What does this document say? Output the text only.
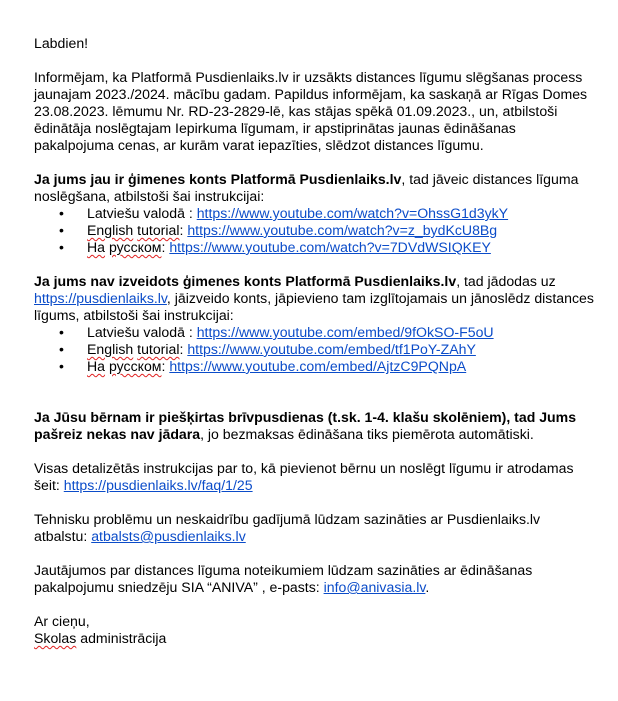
Labdien!

Informējam, ka Platformā Pusdienlaiks.lv ir uzsākts distances līgumu slēgšanas process jaunajam 2023./2024. mācību gadam. Papildus informējam, ka saskaņā ar Rīgas Domes 23.08.2023. lēmumu Nr. RD-23-2829-lē, kas stājas spēkā 01.09.2023., un, atbilstoši ēdinātāja noslēgtajam Iepirkuma līgumam, ir apstiprinātas jaunas ēdināšanas pakalpojuma cenas, ar kurām varat iepazīties, slēdzot distances līgumu.

Ja jums jau ir ģimenes konts Platformā Pusdienlaiks.lv, tad jāveic distances līguma noslēgšana, atbilstoši šai instrukcijai:

• Latviešu valodā : https://www.youtube.com/watch?v=OhssG1d3ykY
• English tutorial: https://www.youtube.com/watch?v=z_bydKcU8Bg
• На русском: https://www.youtube.com/watch?v=7DVdWSIQKEY

Ja jums nav izveidots ģimenes konts Platformā Pusdienlaiks.lv, tad jādodas uz https://pusdienlaiks.lv, jāizveido konts, jāpievieno tam izglītojamais un jānoslēdz distances līgums, atbilstoši šai instrukcijai:

• Latviešu valodā : https://www.youtube.com/embed/9fOkSO-F5oU
• English tutorial: https://www.youtube.com/embed/tf1PoY-ZAhY
• На русском: https://www.youtube.com/embed/AjtzC9PQNpA

Ja Jūsu bērnam ir piešķirtas brīvpusdienas (t.sk. 1-4. klašu skolēniem), tad Jums pašreiz nekas nav jādara, jo bezmaksas ēdināšana tiks piemērota automātiski.

Visas detalizētās instrukcijas par to, kā pievienot bērnu un noslēgt līgumu ir atrodamas šeit: https://pusdienlaiks.lv/faq/1/25

Tehnisku problēmu un neskaidrību gadījumā lūdzam sazināties ar Pusdienlaiks.lv atbalstu: atbalsts@pusdienlaiks.lv

Jautājumos par distances līguma noteikumiem lūdzam sazināties ar ēdināšanas pakalpojumu sniedzēju SIA “ANIVA” , e-pasts: info@anivasia.lv.

Ar cieņu,

Skolas administrācija
